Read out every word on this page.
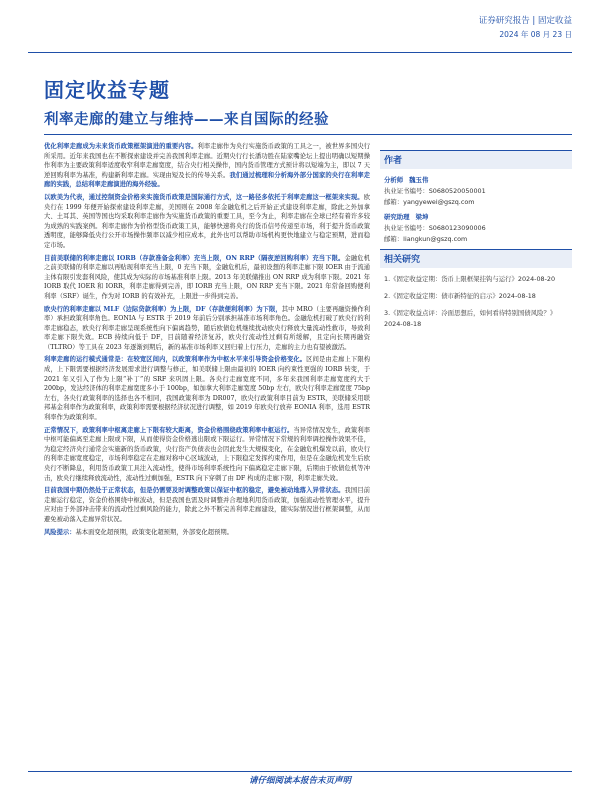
证券研究报告 | 固定收益
2024 年 08 月 23 日
固定收益专题
利率走廊的建立与维持——来自国际的经验

优化利率走廊成为未来货币政策框架演进的重要内容。利率走廊作为央行实施货币政策的工具之一，被世界多国央行所采用。近年来我国也在不断探索建设并完善我国利率走廊。近期央行行长潘功胜在陆家嘴论坛上提出明确以短期操作利率为主要政策利率适度收窄利率走廊宽度，结合央行相关操作，国内货币管理方式预计将以短端为主，即以 7 天逆回购利率为基准，构建新利率走廊。实现由短及长的传导关系。我们通过梳理和分析海外部分国家的央行在利率走廊的实践，总结利率走廊演进的海外经验。

以欧美为代表，通过控制资金价格来实施货币政策是国际通行方式，这一路径多依托于利率走廊这一框架来实现。欧央行在 1999 年便开始探索建设利率走廊，美国则在 2008 年金融危机之后开始正式建设利率走廊，除此之外加拿大、土耳其、英国等国也均采取利率走廊作为实施货币政策的重要工具，至今为止，利率走廊在全球已经有着许多较为成熟的实践案例。利率走廊作为价格型货币政策工具，能够快速将央行的货币信号传递至市场，利于提升货币政策透明度，能够降低央行公开市场操作频率以减少相应成本，此外也可以帮助市场机构更快地建立与稳定预期，进而稳定市场。

目前美联储的利率走廊以 IORB（存款准备金利率）充当上限，ON RRP（隔夜逆回购利率）充当下限。金融危机之前美联储的利率走廊以再贴现利率充当上限，0 充当下限，金融危机后，最初设想的利率走廊下限 IOER 由于流通主体有限引发套利风险，使其成为实际的市场基准利率上限。2013 年美联储推出 ON RRP 成为利率下限。2021 年 IORB 取代 IOER 和 IORR，利率走廊得到完善，即 IORB 充当上限，ON RRP 充当下限。2021 年常备回购便利利率（SRF）诞生，作为对 IORB 的有效补充，上限进一步得到完善。

欧央行的利率走廊以 MLF（边际贷款利率）为上限，DF（存款便利利率）为下限，其中 MRO（主要再融资操作利率）承担政策利率角色。EONIA 与 ESTR 于 2019 年前后分别承担基准市场利率角色。金融危机打破了欧央行的利率走廊稳态，欧央行利率走廊呈现系统性向下偏离趋势，随后欧债危机继续扰动欧央行释放大量流动性救市，导致利率走廊下限失效。ECB 持续向低于 DF，目前随着经济复苏，欧央行流动性过剩有所缓解，且定向长期再融资（TLTRO）等工具在 2023 年逐渐到期后，新的基准市场利率又回归着上行压力，走廊的主力也有望被激活。

利率走廊的运行模式通常是：在较宽区间内，以政策利率作为中枢水平来引导资金价格变化。区间是由走廊上下限构成，上下限需要根据经济发展需求进行调整与修正，如美联储上限由最初的 IOER 向约束性更强的 IORB 转变，于 2021 年又引入了作为上限“补丁”的 SRF 来巩固上限。各央行走廊宽度不同，多年来我国利率走廊宽度约大于 200bp，发达经济体的利率走廊宽度多小于 100bp，如加拿大利率走廊宽度 50bp 左右，欧央行利率走廊宽度 75bp 左右，各央行政策利率的选择也各不相同，我国政策利率为 DR007，欧央行政策利率目前为 ESTR，美联储采用联邦基金利率作为政策利率，政策利率需要根据经济状况进行调整，如 2019 年欧央行放弃 EONIA 利率，选用 ESTR 利率作为政策利率。

正常情况下，政策利率中枢离走廊上下限有较大距离，资金价格围绕政策利率中枢运行。当异常情况发生，政策利率中枢可能偏离至走廊上限或下限，从而使得资金价格逃出限或下限运行。异常情况下常规的利率调控操作效果不佳，为稳定经济央行通常会实施新的货币政策，央行资产负债表也会因此发生大规模变化，在金融危机爆发以前，欧央行的利率走廊宽度稳定，市场利率稳定在走廊对称中心区域波动，上下限稳定发挥约束作用，但是在金融危机发生后欧央行不断降息，利用货币政策工具注入流动性，使得市场利率系统性向下偏离稳定走廊下限，后期由于欧债危机等冲击，欧央行继续释放流动性，流动性过剩加强，ESTR 向下穿刺了由 DF 构成的走廊下限，利率走廊失效。

目前我国中期仍然处于正常状态，但是仍需要及时调整政策以保证中枢的稳定，避免被动地落入异常状态。我国目前走廊运行稳定，资金价格围绕中枢波动，但是我国也需及时调整并合理地利用货币政策，加强流动性管理水平，提升应对由于外部冲击带来的流动性过剩风险的能力，除此之外不断完善利率走廊建设，随实际情况进行框架调整，从而避免被动落入走廊异常状况。

风险提示：基本面变化超预期，政策变化超预期，外部变化超预期。

作者
分析师 魏玉伟
执业证书编号：S0680520050001
邮箱：yangyewei@gszq.com
研究助理 梁坤
执业证书编号：S0680123090006
邮箱：liangkun@gszq.com
相关研究
1.《固定收益定期：货币上限框架挂钩与运行》2024-08-20
2.《固定收益定期：债市新特征的启示》2024-08-18
3.《固定收益点评：冷面思想后，如何看待特别国债风险？》2024-08-18
请仔细阅读本报告末页声明
